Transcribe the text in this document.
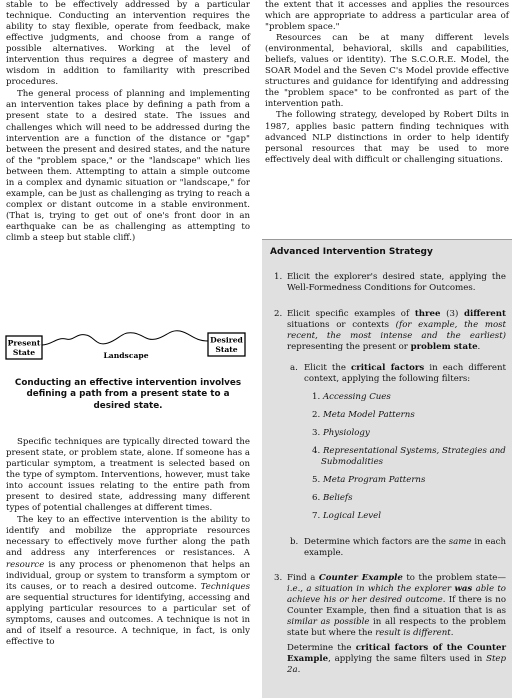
stable to be effectively addressed by a particular technique. Conducting an intervention requires the ability to stay flexible, operate from feedback, make effective judgments, and choose from a range of possible alternatives. Working at the level of intervention thus requires a degree of mastery and wisdom in addition to familiarity with prescribed procedures.

The general process of planning and implementing an intervention takes place by defining a path from a present state to a desired state. The issues and challenges which will need to be addressed during the intervention are a function of the distance or "gap" between the present and desired states, and the nature of the "problem space," or the "landscape" which lies between them. Attempting to attain a simple outcome in a complex and dynamic situation or "landscape," for example, can be just as challenging as trying to reach a complex or distant outcome in a stable environment. (That is, trying to get out of one's front door in an earthquake can be as challenging as attempting to climb a steep but stable cliff.)

Present
State	Landscape
Desired
State
Conducting an effective intervention involves defining a path from a present state to a desired state.

Specific techniques are typically directed toward the present state, or problem state, alone. If someone has a particular symptom, a treatment is selected based on the type of symptom. Interventions, however, must take into account issues relating to the entire path from present to desired state, addressing many different types of potential challenges at different times.

The key to an effective intervention is the ability to identify and mobilize the appropriate resources necessary to effectively move further along the path and address any interferences or resistances. A resource is any process or phenomenon that helps an individual, group or system to transform a symptom or its causes, or to reach a desired outcome. Techniques are sequential structures for identifying, accessing and applying particular resources to a particular set of symptoms, causes and outcomes. A technique is not in and of itself a resource. A technique, in fact, is only effective to

the extent that it accesses and applies the resources which are appropriate to address a particular area of "problem space."

Resources can be at many different levels (environmental, behavioral, skills and capabilities, beliefs, values or identity). The S.C.O.R.E. Model, the SOAR Model and the Seven C's Model provide effective structures and guidance for identifying and addressing the "problem space" to be confronted as part of the intervention path.

The following strategy, developed by Robert Dilts in 1987, applies basic pattern finding techniques with advanced NLP distinctions in order to help identify personal resources that may be used to more effectively deal with difficult or challenging situations.

Advanced Intervention Strategy
1. Elicit the explorer's desired state, applying the Well-Formedness Conditions for Outcomes.

2. Elicit specific examples of three (3) different situations or contexts (for example, the most recent, the most intense and the earliest) representing the present or problem state.

a. Elicit the critical factors in each different context, applying the following filters:

1. Accessing Cues
2. Meta Model Patterns
3. Physiology
4. Representational Systems, Strategies and Submodalities
5. Meta Program Patterns
6. Beliefs
7. Logical Level
b. Determine which factors are the same in each example.

3. Find a Counter Example to the problem state—i.e., a situation in which the explorer was able to achieve his or her desired outcome. If there is no Counter Example, then find a situation that is as similar as possible in all respects to the problem state but where the result is different.

Determine the critical factors of the Counter Example, applying the same filters used in Step 2a.
